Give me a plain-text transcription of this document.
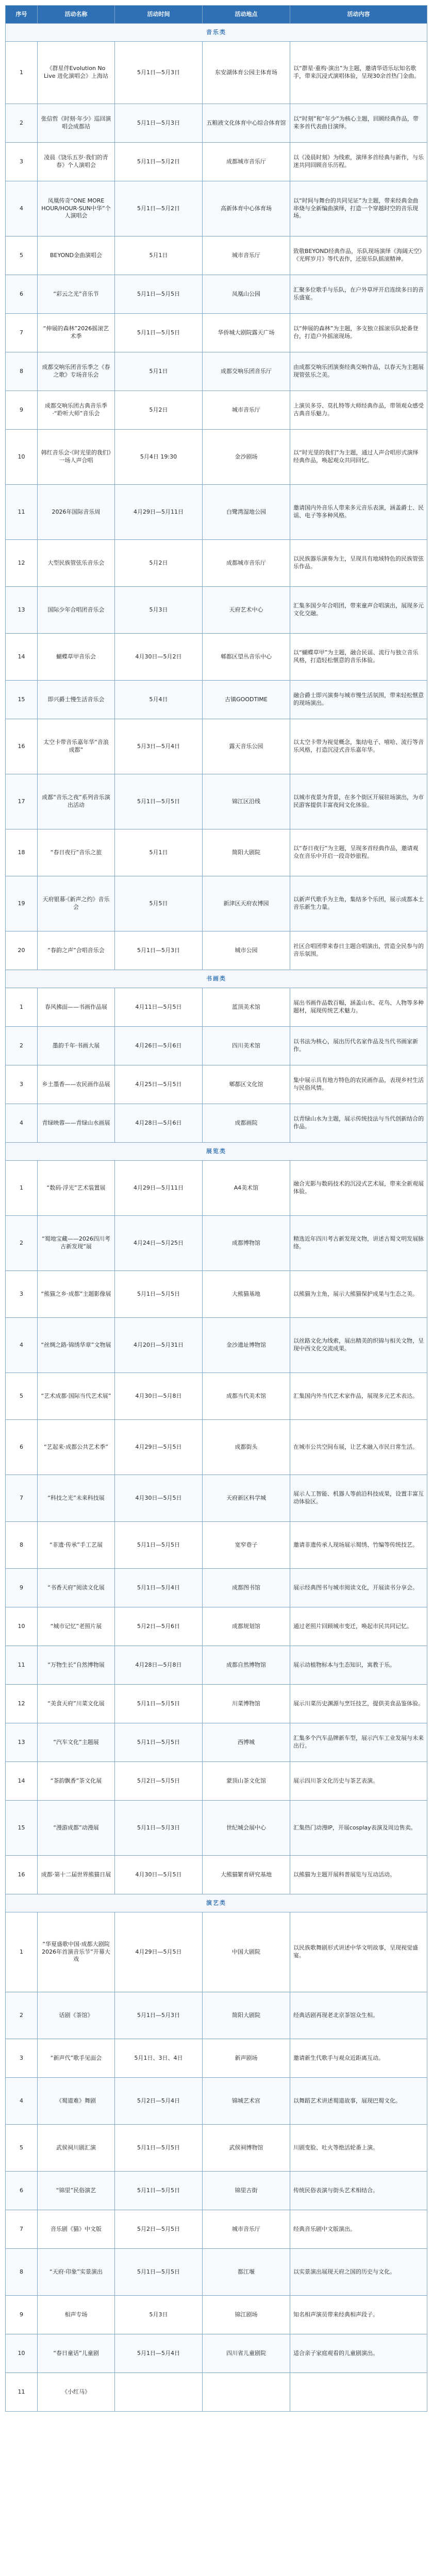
序号	活动名称	活动时间	活动地点	活动内容
音乐类				
1	《群星伴Evolution No Live 进化演唱会》上海站	5月1日—5月3日	东安湖体育公园主体育场	以“群星·重构·演出”为主题，邀请华语乐坛知名歌手，带来沉浸式演唱体验，呈现30余首热门金曲。
2	张信哲《时刻·年少》巡回演唱会成都站	5月1日—5月3日	五粮液文化体育中心综合体育馆	以“时刻”和“年少”为核心主题，回顾经典作品，带来多首代表曲目演绎。
3	凌晨《饶乐五岁·我们的青春》个人演唱会	5月1日—5月2日	成都城市音乐厅	以《凌晨时刻》为线索，演绎多首经典与新作，与乐迷共同回顾音乐历程。
4	凤凰传奇“ONE MORE HOUR/HOUR·SUN中华”个人演唱会	5月1日—5月2日	高新体育中心体育场	以“时间与舞台的共同见证”为主题，带来经典金曲串烧与全新编曲演绎，打造一个穿越时空的音乐现场。
5	BEYOND金曲演唱会	5月1日	城市音乐厅	致敬BEYOND经典作品，乐队现场演绎《海阔天空》《光辉岁月》等代表作，还原乐队摇滚精神。
6	“彩云之光”音乐节	5月1日—5月5日	凤凰山公园	汇聚多位歌手与乐队，在户外草坪开启连续多日的音乐盛宴。
7	“伸展的森林”2026摇滚艺术季	5月1日—5月5日	华侨城大剧院露天广场	以“伸展的森林”为主题，多支独立摇滚乐队轮番登台，打造户外摇滚现场。
8	成都交响乐团音乐季之《春之歌》专场音乐会	5月1日	成都交响乐团音乐厅	由成都交响乐团演奏经典交响作品，以春天为主题展现管弦乐之美。
9	成都交响乐团古典音乐季·“聆听大师”音乐会	5月2日	城市音乐厅	上演贝多芬、莫扎特等大师经典作品，带领观众感受古典音乐魅力。
10	韩红音乐会·《时光里的我们》一场人声合唱	5月4日 19:30	金沙剧场	以“时光里的我们”为主题，通过人声合唱形式演绎经典作品，唤起观众共同回忆。
11	2026年国际音乐周	4月29日—5月11日	白鹭湾湿地公园	邀请国内外音乐人带来多元音乐表演，涵盖爵士、民谣、电子等多种风格。
12	大型民族管弦乐音乐会	5月2日	成都城市音乐厅	以民族器乐演奏为主，呈现具有地域特色的民族管弦乐作品。
13	国际少年合唱团音乐会	5月3日	天府艺术中心	汇集多国少年合唱团，带来童声合唱演出，展现多元文化交融。
14	蝴蝶草甲音乐会	4月30日—5月2日	郫都区望丛音乐中心	以“蝴蝶草甲”为主题，融合民谣、流行与独立音乐风格，打造轻松惬意的音乐体验。
15	即兴爵士慢生活音乐会	5月4日	古镇GOODTIME	融合爵士即兴演奏与城市慢生活氛围，带来轻松惬意的现场演出。
16	太空卡带音乐嘉年华“音浪成都”	5月3日—5月4日	露天音乐公园	以太空卡带为视觉概念，集结电子、嘻哈、流行等音乐风格，打造沉浸式音乐嘉年华。
17	成都“音乐之夜”系列音乐演出活动	5月1日—5月5日	锦江区沿线	以城市夜景为背景，在多个街区开展驻场演出，为市民游客提供丰富夜间文化体验。
18	“春日夜行”音乐之旅	5月1日	简阳大剧院	以“春日夜行”为主题，呈现多首经典作品，邀请观众在音乐中开启一段奇妙旅程。
19	天府银幕·《新声之约》音乐会	5月5日	新津区天府农博园	以新声代歌手为主角，集结多个乐团，展示成都本土音乐新生力量。
20	“春韵之声”合唱音乐会	5月1日—5月3日	城市公园	社区合唱团带来春日主题合唱演出，营造全民参与的音乐氛围。
书画类				
1	春风拂面——书画作品展	4月11日—5月5日	蓝顶美术馆	展出书画作品数百幅，涵盖山水、花鸟、人物等多种题材，展现传统艺术魅力。
2	墨韵千年·书画大展	4月26日—5月6日	四川美术馆	以书法为核心，展出历代名家作品及当代书画家新作。
3	乡土墨香——农民画作品展	4月25日—5月5日	郫都区文化馆	集中展示具有地方特色的农民画作品，表现乡村生活与民俗风情。
4	青绿映蓉——青绿山水画展	4月28日—5月6日	成都画院	以青绿山水为主题，展示传统技法与当代创新结合的作品。
展览类				
1	“数码·浮光”艺术装置展	4月29日—5月11日	A4美术馆	融合光影与数码技术的沉浸式艺术展，带来全新观展体验。
2	“蜀地宝藏——2026四川考古新发现”展	4月24日—5月25日	成都博物馆	精选近年四川考古新发现文物，讲述古蜀文明发展脉络。
3	“熊猫之乡·成都”主题影像展	5月1日—5月5日	大熊猫基地	以熊猫为主角，展示大熊猫保护成果与生态之美。
4	“丝绸之路·锦绣华章”文物展	4月20日—5月31日	金沙遗址博物馆	以丝路文化为线索，展出精美的织锦与相关文物，呈现中西文化交流成果。
5	“艺术成都·国际当代艺术展”	4月30日—5月8日	成都当代美术馆	汇集国内外当代艺术家作品，展现多元艺术表达。
6	“艺起来·成都公共艺术季”	4月29日—5月5日	成都街头	在城市公共空间布展，让艺术融入市民日常生活。
7	“科技之光”未来科技展	4月30日—5月5日	天府新区科学城	展示人工智能、机器人等前沿科技成果，设置丰富互动体验区。
8	“非遗·传承”手工艺展	5月1日—5月5日	宽窄巷子	邀请非遗传承人现场展示蜀绣、竹编等传统技艺。
9	“书香天府”阅读文化展	5月1日—5月4日	成都图书馆	展示经典图书与城市阅读文化，开展读书分享会。
10	“城市记忆”老照片展	5月2日—5月6日	成都规划馆	通过老照片回顾城市变迁，唤起市民共同记忆。
11	“万物生长”自然博物展	4月28日—5月8日	成都自然博物馆	展示动植物标本与生态知识，寓教于乐。
12	“美食天府”川菜文化展	5月1日—5月5日	川菜博物馆	展示川菜历史渊源与烹饪技艺，提供美食品鉴体验。
13	“汽车文化”主题展	5月1日—5月5日	西博城	汇集多个汽车品牌新车型，展示汽车工业发展与未来出行。
14	“茶韵飘香”茶文化展	5月2日—5月5日	蒙顶山茶文化馆	展示四川茶文化历史与茶艺表演。
15	“漫游成都”动漫展	5月1日—5月3日	世纪城会展中心	汇集热门动漫IP，开展cosplay表演及周边售卖。
16	成都·第十二届世界熊猫日展	4月30日—5月5日	大熊猫繁育研究基地	以熊猫为主题开展科普展览与互动活动。
演艺类				
1	“华夏盛歌中国·成都大剧院2026年首演音乐节”开幕大戏	4月29日—5月5日	中国大剧院	以民族歌舞剧形式讲述中华文明故事，呈现视觉盛宴。
2	话剧《茶馆》	5月1日—5月3日	简阳大剧院	经典话剧再现老北京茶馆众生相。
3	“新声代”歌手见面会	5月1日、3日、4日	新声剧场	邀请新生代歌手与观众近距离互动。
4	《蜀道难》舞剧	5月2日—5月4日	锦城艺术宫	以舞蹈艺术讲述蜀道故事，展现巴蜀文化。
5	武侯祠川剧汇演	5月1日—5月5日	武侯祠博物馆	川剧变脸、吐火等绝活轮番上演。
6	“锦里”民俗演艺	5月1日—5月5日	锦里古街	传统民俗表演与街头艺术相结合。
7	音乐剧《猫》中文版	5月2日—5月5日	城市音乐厅	经典音乐剧中文版演出。
8	“天府·印象”实景演出	5月1日—5月5日	都江堰	以实景演出展现天府之国的历史与文化。
9	相声专场	5月3日	锦江剧场	知名相声演员带来经典相声段子。
10	“春日童话”儿童剧	5月1日—5月4日	四川省儿童剧院	适合亲子家庭观看的儿童剧演出。
11	《小红马》			
